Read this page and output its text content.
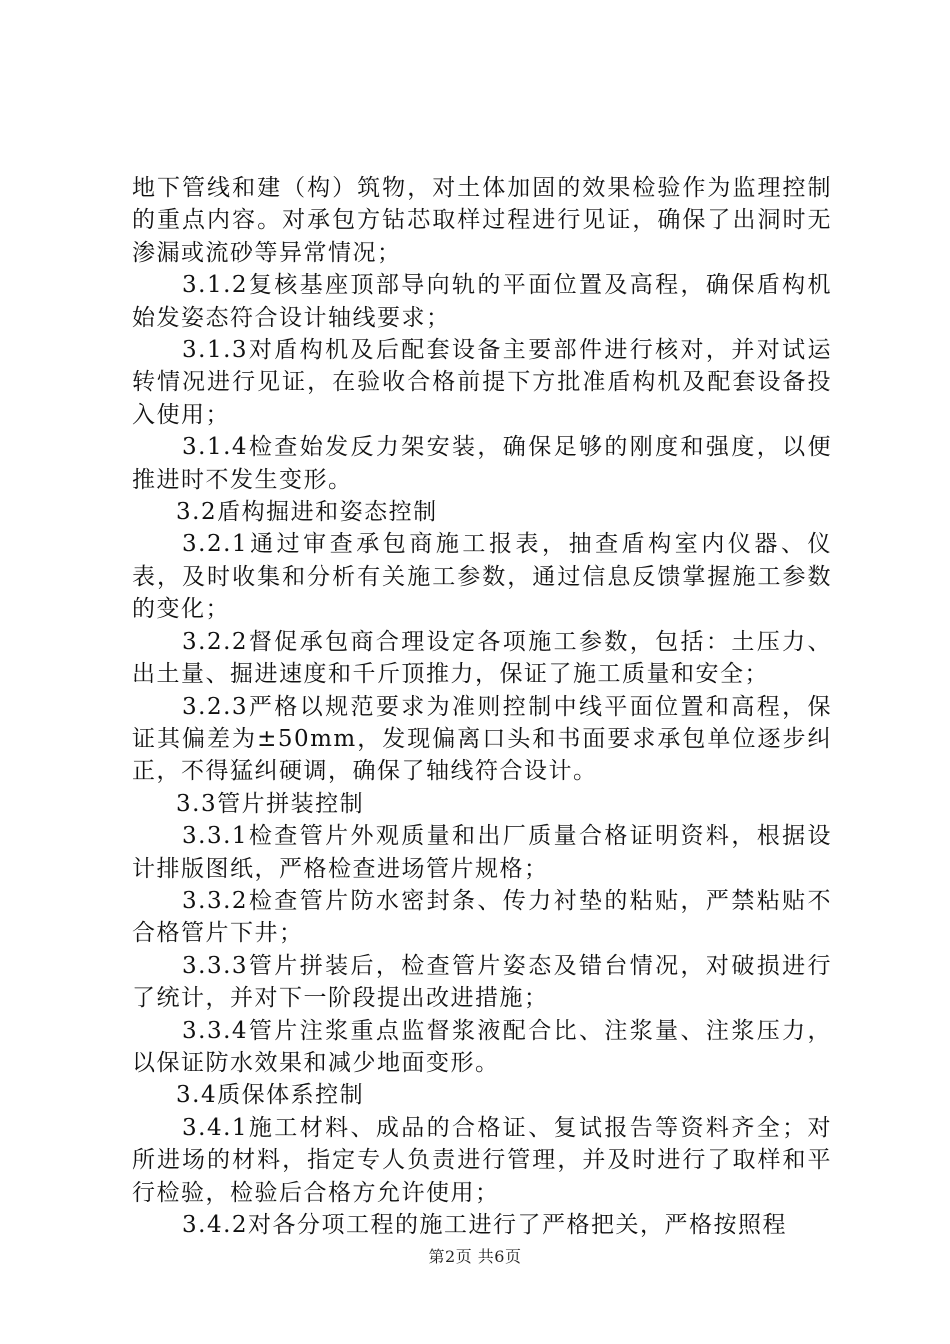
地下管线和建（构）筑物，对土体加固的效果检验作为监理控制的重点内容。对承包方钻芯取样过程进行见证，确保了出洞时无渗漏或流砂等异常情况；

3.1.2复核基座顶部导向轨的平面位置及高程，确保盾构机始发姿态符合设计轴线要求；

3.1.3对盾构机及后配套设备主要部件进行核对，并对试运转情况进行见证，在验收合格前提下方批准盾构机及配套设备投入使用；

3.1.4检查始发反力架安装，确保足够的刚度和强度，以便推进时不发生变形。

3.2盾构掘进和姿态控制

3.2.1通过审查承包商施工报表，抽查盾构室内仪器、仪表，及时收集和分析有关施工参数，通过信息反馈掌握施工参数的变化；

3.2.2督促承包商合理设定各项施工参数，包括：土压力、出土量、掘进速度和千斤顶推力，保证了施工质量和安全；

3.2.3严格以规范要求为准则控制中线平面位置和高程，保证其偏差为±50mm，发现偏离口头和书面要求承包单位逐步纠正，不得猛纠硬调，确保了轴线符合设计。

3.3管片拼装控制

3.3.1检查管片外观质量和出厂质量合格证明资料，根据设计排版图纸，严格检查进场管片规格；

3.3.2检查管片防水密封条、传力衬垫的粘贴，严禁粘贴不合格管片下井；

3.3.3管片拼装后，检查管片姿态及错台情况，对破损进行了统计，并对下一阶段提出改进措施；

3.3.4管片注浆重点监督浆液配合比、注浆量、注浆压力，以保证防水效果和减少地面变形。

3.4质保体系控制

3.4.1施工材料、成品的合格证、复试报告等资料齐全；对所进场的材料，指定专人负责进行管理，并及时进行了取样和平行检验，检验后合格方允许使用；

3.4.2对各分项工程的施工进行了严格把关，严格按照程

第2页 共6页
